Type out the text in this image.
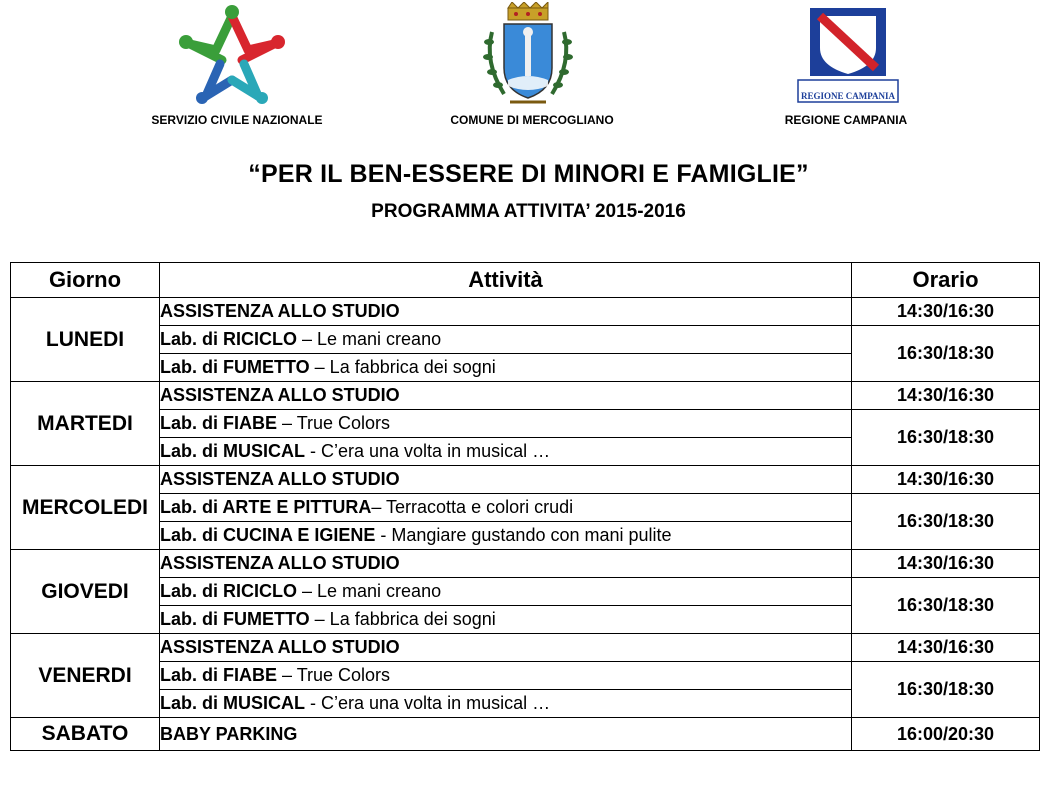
SERVIZIO CIVILE NAZIONALE	COMUNE DI MERCOGLIANO
REGIONE CAMPANIA
REGIONE CAMPANIA
“PER IL BEN-ESSERE DI MINORI E FAMIGLIE”
PROGRAMMA ATTIVITA’ 2015-2016
Giorno	Attività	Orario
LUNEDI	ASSISTENZA ALLO STUDIO	14:30/16:30
	Lab. di RICICLO – Le mani creano	16:30/18:30
	Lab. di FUMETTO – La fabbrica dei sogni	
MARTEDI	ASSISTENZA ALLO STUDIO	14:30/16:30
	Lab. di FIABE – True Colors	16:30/18:30
	Lab. di MUSICAL - C’era una volta in musical …	
MERCOLEDI	ASSISTENZA ALLO STUDIO	14:30/16:30
	Lab. di ARTE E PITTURA– Terracotta e colori crudi	16:30/18:30
	Lab. di CUCINA E IGIENE - Mangiare gustando con mani pulite	
GIOVEDI	ASSISTENZA ALLO STUDIO	14:30/16:30
	Lab. di RICICLO – Le mani creano	16:30/18:30
	Lab. di FUMETTO – La fabbrica dei sogni	
VENERDI	ASSISTENZA ALLO STUDIO	14:30/16:30
	Lab. di FIABE – True Colors	16:30/18:30
	Lab. di MUSICAL - C’era una volta in musical …	
SABATO	BABY PARKING	16:00/20:30
